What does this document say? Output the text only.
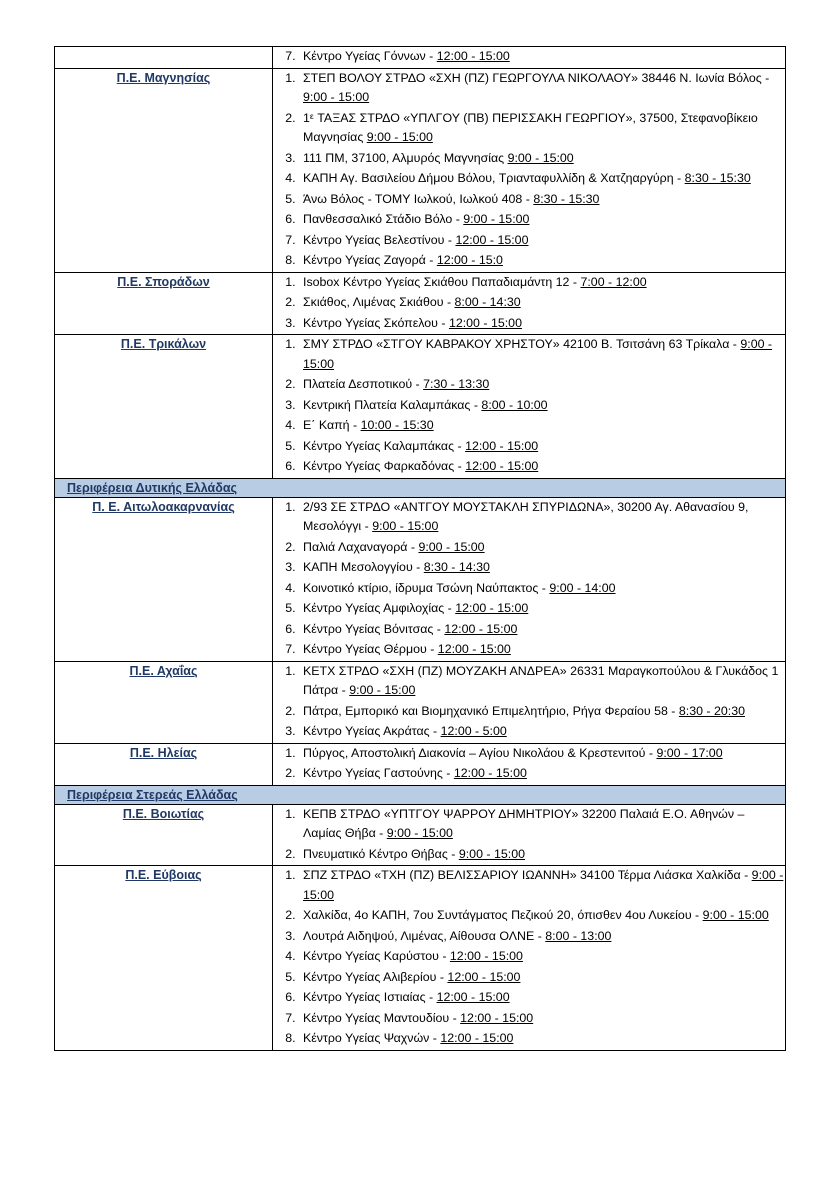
7. Κέντρο Υγείας Γόννων - 12:00 - 15:00

Π.Ε. Μαγνησίας	
1.ΣΤΕΠ ΒΟΛΟΥ ΣΤΡΔΟ «ΣΧΗ (ΠΖ) ΓΕΩΡΓΟΥΛΑ ΝΙΚΟΛΑΟΥ» 38446 Ν. Ιωνία Βόλος - 9:00 - 15:00
2. 1ᵋ ΤΑΞΑΣ ΣΤΡΔΟ «ΥΠΛΓΟΥ (ΠΒ) ΠΕΡΙΣΣΑΚΗ ΓΕΩΡΓΙΟΥ», 37500, Στεφανοβίκειο Μαγνησίας 9:00 - 15:00
3. 111 ΠΜ, 37100, Αλμυρός Μαγνησίας 9:00 - 15:00
4. ΚΑΠΗ Αγ. Βασιλείου Δήμου Βόλου, Τριανταφυλλίδη & Χατζηαργύρη - 8:30 - 15:30
5. Άνω Βόλος - ΤΟΜΥ Ιωλκού, Ιωλκού 408 - 8:30 - 15:30
6. Πανθεσσαλικό Στάδιο Βόλο - 9:00 - 15:00
7. Κέντρο Υγείας Βελεστίνου - 12:00 - 15:00
8. Κέντρο Υγείας Ζαγορά - 12:00 - 15:0

Π.Ε. Σποράδων	
1.Isobox Κέντρο Υγείας Σκιάθου Παπαδιαμάντη 12 - 7:00 - 12:00
2. Σκιάθος, Λιμένας Σκιάθου - 8:00 - 14:30
3. Κέντρο Υγείας Σκόπελου - 12:00 - 15:00

Π.Ε. Τρικάλων	
1.ΣΜΥ ΣΤΡΔΟ «ΣΤΓΟΥ ΚΑΒΡΑΚΟΥ ΧΡΗΣΤΟΥ» 42100 Β. Τσιτσάνη 63 Τρίκαλα - 9:00 - 15:00
2. Πλατεία Δεσποτικού - 7:30 - 13:30
3. Κεντρική Πλατεία Καλαμπάκας - 8:00 - 10:00
4. Ε΄ Καπή - 10:00 - 15:30
5. Κέντρο Υγείας Καλαμπάκας - 12:00 - 15:00
6. Κέντρο Υγείας Φαρκαδόνας - 12:00 - 15:00

Περιφέρεια Δυτικής Ελλάδας	
Π. Ε. Αιτωλοακαρνανίας	
1.2/93 ΣΕ ΣΤΡΔΟ «ΑΝΤΓΟΥ ΜΟΥΣΤΑΚΛΗ ΣΠΥΡΙΔΩΝΑ», 30200 Αγ. Αθανασίου 9, Μεσολόγγι - 9:00 - 15:00
2. Παλιά Λαχαναγορά - 9:00 - 15:00
3. ΚΑΠΗ Μεσολογγίου - 8:30 - 14:30
4. Κοινοτικό κτίριο, ίδρυμα Τσώνη Ναύπακτος - 9:00 - 14:00
5. Κέντρο Υγείας Αμφιλοχίας - 12:00 - 15:00
6. Κέντρο Υγείας Βόνιτσας - 12:00 - 15:00
7. Κέντρο Υγείας Θέρμου - 12:00 - 15:00

Π.Ε. Αχαΐας	
1.ΚΕΤΧ ΣΤΡΔΟ «ΣΧΗ (ΠΖ) ΜΟΥΖΑΚΗ ΑΝΔΡΕΑ» 26331 Μαραγκοπούλου & Γλυκάδος 1 Πάτρα - 9:00 - 15:00
2. Πάτρα, Εμπορικό και Βιομηχανικό Επιμελητήριο, Ρήγα Φεραίου 58 - 8:30 - 20:30
3. Κέντρο Υγείας Ακράτας - 12:00 - 5:00

Π.Ε. Ηλείας	
1.Πύργος, Αποστολική Διακονία – Αγίου Νικολάου & Κρεστενιτού - 9:00 - 17:00
2. Κέντρο Υγείας Γαστούνης - 12:00 - 15:00

Περιφέρεια Στερεάς Ελλάδας	
Π.Ε. Βοιωτίας	
1.ΚΕΠΒ ΣΤΡΔΟ «ΥΠΤΓΟΥ ΨΑΡΡΟΥ ΔΗΜΗΤΡΙΟΥ» 32200 Παλαιά Ε.Ο. Αθηνών – Λαμίας Θήβα - 9:00 - 15:00
2. Πνευματικό Κέντρο Θήβας - 9:00 - 15:00

Π.Ε. Εύβοιας	
1.ΣΠΖ ΣΤΡΔΟ «ΤΧΗ (ΠΖ) ΒΕΛΙΣΣΑΡΙΟΥ ΙΩΑΝΝΗ» 34100 Τέρμα Λιάσκα Χαλκίδα - 9:00 - 15:00
2. Χαλκίδα, 4ο ΚΑΠΗ, 7ου Συντάγματος Πεζικού 20, όπισθεν 4ου Λυκείου - 9:00 - 15:00
3. Λουτρά Αιδηψού, Λιμένας, Αίθουσα ΟΛΝΕ - 8:00 - 13:00
4. Κέντρο Υγείας Καρύστου - 12:00 - 15:00
5. Κέντρο Υγείας Αλιβερίου - 12:00 - 15:00
6. Κέντρο Υγείας Ιστιαίας - 12:00 - 15:00
7. Κέντρο Υγείας Μαντουδίου - 12:00 - 15:00
8. Κέντρο Υγείας Ψαχνών - 12:00 - 15:00
